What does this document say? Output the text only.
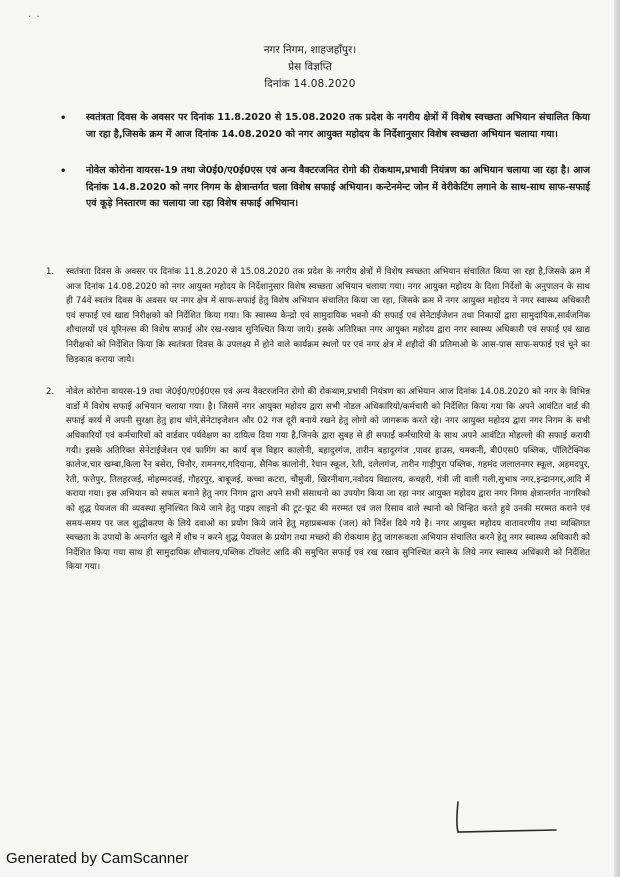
· ·
नगर निगम, शाहजहाँपुर।
प्रेस विज्ञप्ति
दिनांक 14.08.2020
• स्वतंत्रता दिवस के अवसर पर दिनांक 11.8.2020 से 15.08.2020 तक प्रदेश के नगरीय क्षेत्रों में विशेष स्वच्छता अभियान संचालित किया जा रहा है,जिसके क्रम में आज दिनांक 14.08.2020 को नगर आयुक्त महोदय के निर्देशानुसार विशेष स्वच्छता अभियान चलाया गया।
• नोवेल कोरोना वायरस-19 तथा जे0ई0/ए0ई0एस एवं अन्य वैक्टरजनित रोगो की रोकथाम,प्रभावी नियंत्रण का अभियान चलाया जा रहा है। आज दिनांक 14.8.2020 को नगर निगम के क्षेत्रान्तर्गत चला विशेष सफाई अभियान। कन्टेनमेन्ट जोन में वेरीकेटिंग लगाने के साथ-साथ साफ-सफाई एवं कूड़े निस्तारण का चलाया जा रहा विशेष सफाई अभियान।
1. स्वतंत्रता दिवस के अवसर पर दिनांक 11.8.2020 से 15.08.2020 तक प्रदेश के नगरीय क्षेत्रों में विशेष स्वच्छता अभियान संचालित किया जा रहा है,जिसके क्रम में आज दिनांक 14.08.2020 को नगर आयुक्त महोदय के निर्देशानुसार विशेष स्वच्छता अभियान चलाया गया। नगर आयुक्त महोदय के दिशा निर्देशो के अनुपालन के साथ ही 74वें स्वतंत्र दिवस के अवसर पर नगर क्षेत्र में साफ-सफाई हेतु विशेष अभियान संचालित किया जा रहा, जिसके क्रम में नगर आयुक्त महोदय ने नगर स्वास्थ्य अधिकारी एवं सफाई एवं खाद्य निरीक्षको को निर्देशित किया गया। कि स्वास्थ्य केन्द्रो एवं सामुदायिक भवनो की सफाई एवं सेनेटाईजेशन तथा निकायों द्वारा सामुदायिक,सार्वजनिक शौचालयों एवं यूरिनल्स की विशेष सफाई और रख-रखाव सुनिश्चित किया जाये। इसके अतिरिक्त नगर आयुक्त महोदय द्वारा नगर स्वास्थ्य अधिकारी एवं सफाई एवं खाद्य निरीक्षको को निर्देशित किया कि स्वतंत्रता दिवस के उपलक्ष्य में होने वाले कार्यक्रम स्थलो पर एवं नगर क्षेत्र में शहीदो की प्रतिमाओ के आस-पास साफ-सफाई एवं चूने का छिड़काव कराया जाये।
2. नोवेल कोरोना वायरस-19 तथा जे0ई0/ए0ई0एस एवं अन्य वैक्टरजनित रोगो की रोकथाम,प्रभावी नियंत्रण का अभियान आज दिनांक 14.08.2020 को नगर के विभिन्न वार्डो में विशेष सफाई अभियान चलाया गया। है। जिसमें नगर आयुक्त महोदय द्वारा सभी नोडल अधिकारियो/कर्मचारी को निर्देशित किया गया कि अपने आवंटित वार्ड की सफाई कार्य में अपनी सुरक्षा हेतु हाथ धोने,सेनेटाइजेशन और 02 गज दूरी बनाये रखने हेतु लोगो को जागरूक करते रहे। नगर आयुक्त महोदय द्वारा नगर निगम के सभी अधिकारियों एवं कर्मचारियों को वार्डवार पर्यवेक्षण का दायित्व दिया गया है,जिनके द्वारा सुबह से ही सफाई कर्मचारियो के साथ अपने आवंटित मोहल्लो की सफाई करायी गयी। इसके अतिरिक्त सेनेटाईजेशन एवं फागिंग का कार्य बृज विहार कालोनी, बहादुरगंज, तारीन बहादुरगंज ,पावर हाउस, चमकनी, बी0एस0 पब्लिक, पॉलिटेक्निक कालेज,चार खम्बा,किला रैन बसेरा, चिनौर, रामनगर,गदियाना, सैनिक कालोनी, रेयान स्कूल, रेती, दलेलगंज, तारीन गाड़ीपुरा पब्लिक, गहमंद जलालनगर स्कूल, अहमदपुर, रेती, फत्तेपुर, तिलहरजई, मोहम्मदजई, गौहरपुर, बाबूजई, कच्चा कटरा, चौमुजी, खिरनीबाग,नवोदय विद्यालय, कचहरी, गंत्री जी वाली गली,सुभाष नगर,इन्द्रानगर,आदि में कराया गया। इस अभियान को सफल बनाने हेतु नगर निगम द्वारा अपने सभी संसाधनो का उपयोग किया जा रहा नगर आयुक्त महोदय द्वारा नगर निगम क्षेत्रान्तर्गत नागरिको को शुद्ध पेयजल की व्यवस्था सुनिश्चित किये जाने हेतु पाइप लाइनो की टूट-फूट की मरम्मत एवं जल रिसाव वाले स्थानो को चिन्हित करते हुये उनकी मरम्मत कराने एवं समय-समय पर जल शुद्धीकरण के लिये दवाओ का प्रयोग किये जाने हेतु महाप्रबन्धक (जल) को निर्देश दिये गये है। नगर आयुक्त महोदय वातावरणीय तथा व्यक्तिगत स्वच्छता के उपायों के अन्तर्गत खुले में शौच न करने शुद्ध पेयजल के प्रयोग तथा मच्छरो की रोकथाम हेतु जागरूकता अभियान संचालित करने हेतु नगर स्वास्थ्य अधिकारी को निर्देशित किया गया साथ ही सामुदायिक शौचालय,पब्लिक टॉयलेट आदि की समुचित सफाई एवं रख रखाव सुनिश्चित करने के लिये नगर स्वास्थ्य अधिकारी को निर्देशित किया गया।
Generated by CamScanner
